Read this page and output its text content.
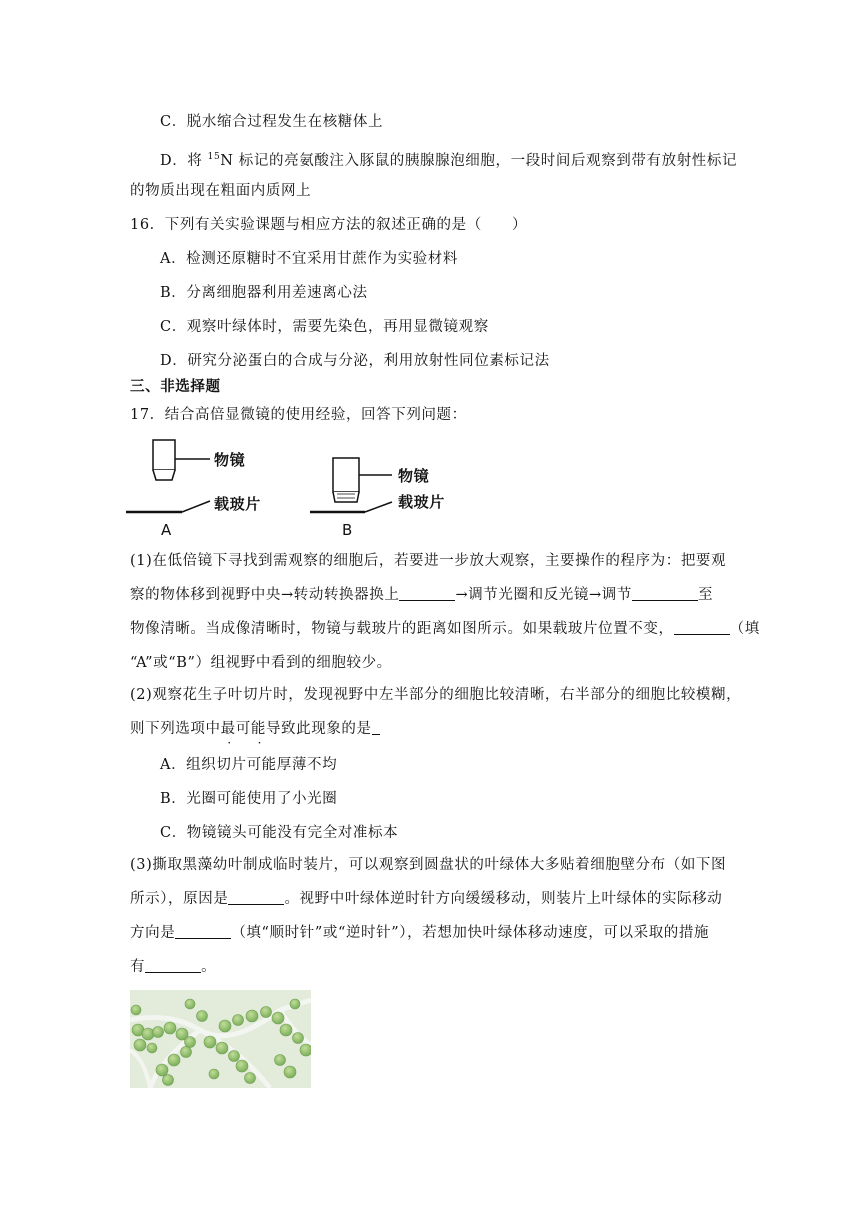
C．脱水缩合过程发生在核糖体上
D．将 $^{15}$N 标记的亮氨酸注入豚鼠的胰腺腺泡细胞，一段时间后观察到带有放射性标记
的物质出现在粗面内质网上
16．下列有关实验课题与相应方法的叙述正确的是（　　）
A．检测还原糖时不宜采用甘蔗作为实验材料
B．分离细胞器利用差速离心法
C．观察叶绿体时，需要先染色，再用显微镜观察
D．研究分泌蛋白的合成与分泌，利用放射性同位素标记法
三、非选择题
17．结合高倍显微镜的使用经验，回答下列问题：
物镜
载玻片
物镜
载玻片
A	B
(1)在低倍镜下寻找到需观察的细胞后，若要进一步放大观察，主要操作的程序为：把要观
察的物体移到视野中央→转动转换器换上	→调节光圈和反光镜→调节	至
物像清晰。当成像清晰时，物镜与载玻片的距离如图所示。如果载玻片位置不变，	（填
“A”或“B”）组视野中看到的细胞较少。
(2)观察花生子叶切片时，发现视野中左半部分的细胞比较清晰，右半部分的细胞比较模糊，
则下列选项中最可能导致此现象的是
A．组织切片可能厚薄不均
B．光圈可能使用了小光圈
C．物镜镜头可能没有完全对准标本
(3)撕取黑藻幼叶制成临时装片，可以观察到圆盘状的叶绿体大多贴着细胞壁分布（如下图
所示），原因是	。视野中叶绿体逆时针方向缓缓移动，则装片上叶绿体的实际移动
方向是	（填“顺时针”或“逆时针”），若想加快叶绿体移动速度，可以采取的措施
有	。
